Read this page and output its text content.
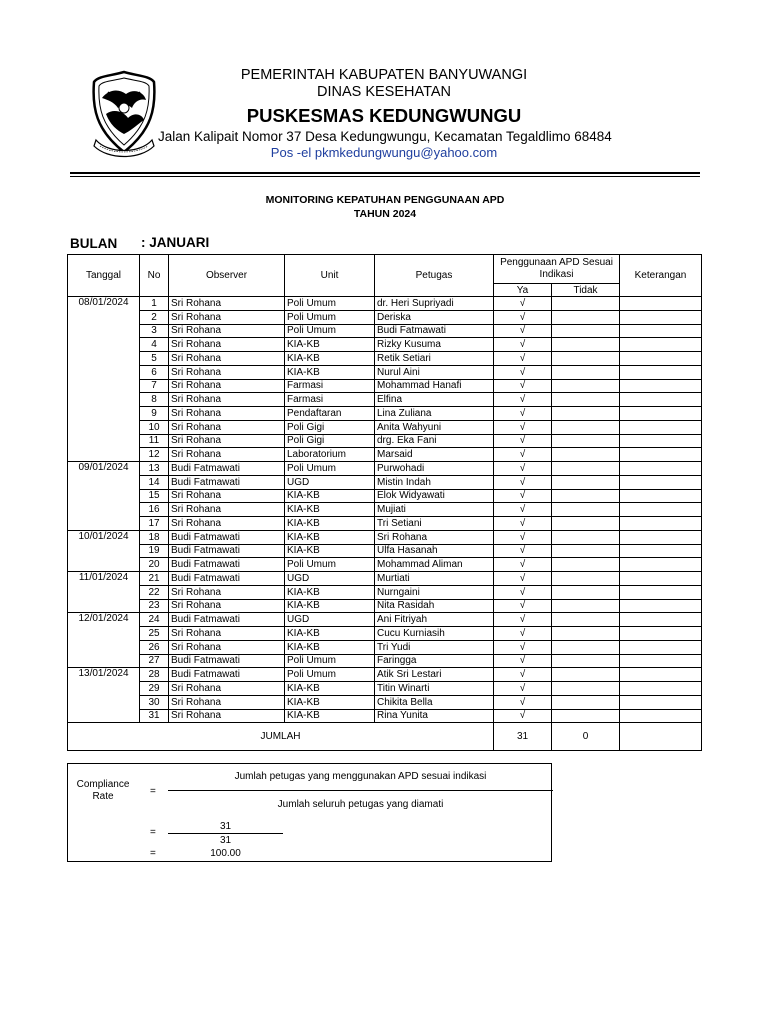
PEMERINTAH KABUPATEN BANYUWANGI
DINAS KESEHATAN
PUSKESMAS KEDUNGWUNGU
Jalan Kalipait Nomor 37 Desa Kedungwungu, Kecamatan Tegaldlimo 68484
Pos -el pkmkedungwungu@yahoo.com
MONITORING KEPATUHAN PENGGUNAAN APD
TAHUN 2024
BULAN : JANUARI
Tanggal	No	Observer	Unit	Petugas	Penggunaan APD Sesuai Indikasi		Keterangan
					Ya	Tidak	
08/01/2024	1	Sri Rohana	Poli Umum	dr. Heri Supriyadi	√		
	2	Sri Rohana	Poli Umum	Deriska	√		
	3	Sri Rohana	Poli Umum	Budi Fatmawati	√		
	4	Sri Rohana	KIA-KB	Rizky Kusuma	√		
	5	Sri Rohana	KIA-KB	Retik Setiari	√		
	6	Sri Rohana	KIA-KB	Nurul Aini	√		
	7	Sri Rohana	Farmasi	Mohammad Hanafi	√		
	8	Sri Rohana	Farmasi	Elfina	√		
	9	Sri Rohana	Pendaftaran	Lina Zuliana	√		
	10	Sri Rohana	Poli Gigi	Anita Wahyuni	√		
	11	Sri Rohana	Poli Gigi	drg. Eka Fani	√		
	12	Sri Rohana	Laboratorium	Marsaid	√		
09/01/2024	13	Budi Fatmawati	Poli Umum	Purwohadi	√		
	14	Budi Fatmawati	UGD	Mistin Indah	√		
	15	Sri Rohana	KIA-KB	Elok Widyawati	√		
	16	Sri Rohana	KIA-KB	Mujiati	√		
	17	Sri Rohana	KIA-KB	Tri Setiani	√		
10/01/2024	18	Budi Fatmawati	KIA-KB	Sri Rohana	√		
	19	Budi Fatmawati	KIA-KB	Ulfa Hasanah	√		
	20	Budi Fatmawati	Poli Umum	Mohammad Aliman	√		
11/01/2024	21	Budi Fatmawati	UGD	Murtiati	√		
	22	Sri Rohana	KIA-KB	Nurngaini	√		
	23	Sri Rohana	KIA-KB	Nita Rasidah	√		
12/01/2024	24	Budi Fatmawati	UGD	Ani Fitriyah	√		
	25	Sri Rohana	KIA-KB	Cucu Kurniasih	√		
	26	Sri Rohana	KIA-KB	Tri Yudi	√		
	27	Budi Fatmawati	Poli Umum	Faringga	√		
13/01/2024	28	Budi Fatmawati	Poli Umum	Atik Sri Lestari	√		
	29	Sri Rohana	KIA-KB	Titin Winarti	√		
	30	Sri Rohana	KIA-KB	Chikita Bella	√		
	31	Sri Rohana	KIA-KB	Rina Yunita	√		
JUMLAH					31	0	
Compliance Rate	=
Jumlah petugas yang menggunakan APD sesuai indikasi
Jumlah seluruh petugas yang diamati
=
31
31
=	100.00
